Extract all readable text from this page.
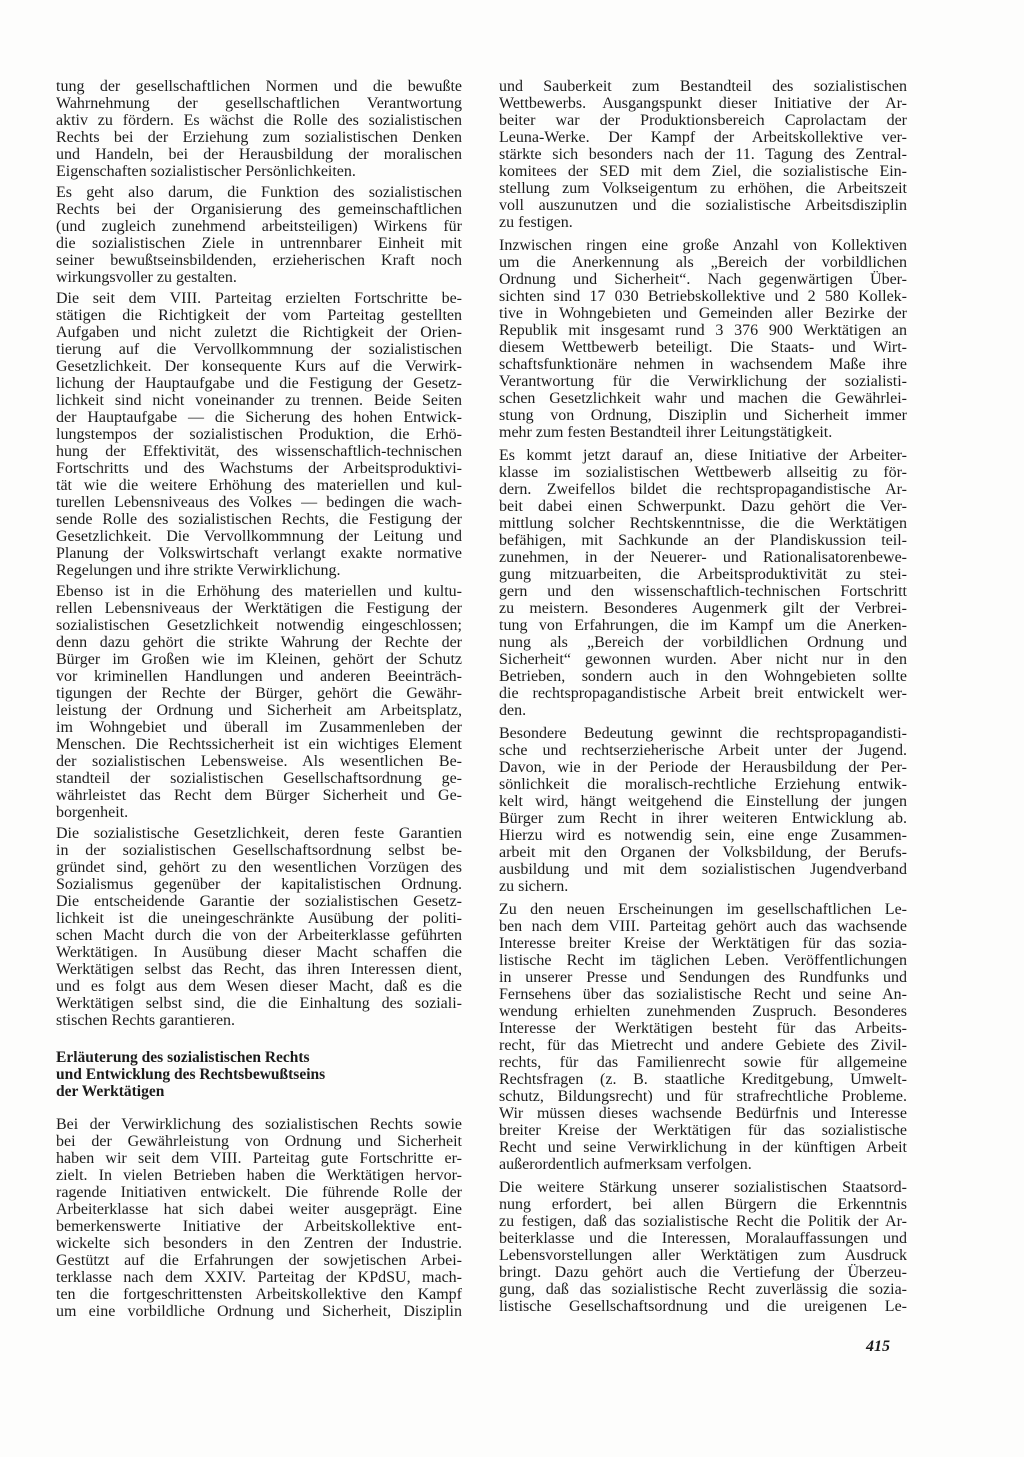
tung der gesellschaftlichen Normen und die bewußte
Wahrnehmung der gesellschaftlichen Verantwortung
aktiv zu fördern. Es wächst die Rolle des sozialistischen
Rechts bei der Erziehung zum sozialistischen Denken
und Handeln, bei der Herausbildung der moralischen
Eigenschaften sozialistischer Persönlichkeiten.
Es geht also darum, die Funktion des sozialistischen
Rechts bei der Organisierung des gemeinschaftlichen
(und zugleich zunehmend arbeitsteiligen) Wirkens für
die sozialistischen Ziele in untrennbarer Einheit mit
seiner bewußtseinsbildenden, erzieherischen Kraft noch
wirkungsvoller zu gestalten.
Die seit dem VIII. Parteitag erzielten Fortschritte be-
stätigen die Richtigkeit der vom Parteitag gestellten
Aufgaben und nicht zuletzt die Richtigkeit der Orien-
tierung auf die Vervollkommnung der sozialistischen
Gesetzlichkeit. Der konsequente Kurs auf die Verwirk-
lichung der Hauptaufgabe und die Festigung der Gesetz-
lichkeit sind nicht voneinander zu trennen. Beide Seiten
der Hauptaufgabe — die Sicherung des hohen Entwick-
lungstempos der sozialistischen Produktion, die Erhö-
hung der Effektivität, des wissenschaftlich-technischen
Fortschritts und des Wachstums der Arbeitsproduktivi-
tät wie die weitere Erhöhung des materiellen und kul-
turellen Lebensniveaus des Volkes — bedingen die wach-
sende Rolle des sozialistischen Rechts, die Festigung der
Gesetzlichkeit. Die Vervollkommnung der Leitung und
Planung der Volkswirtschaft verlangt exakte normative
Regelungen und ihre strikte Verwirklichung.
Ebenso ist in die Erhöhung des materiellen und kultu-
rellen Lebensniveaus der Werktätigen die Festigung der
sozialistischen Gesetzlichkeit notwendig eingeschlossen;
denn dazu gehört die strikte Wahrung der Rechte der
Bürger im Großen wie im Kleinen, gehört der Schutz
vor kriminellen Handlungen und anderen Beeinträch-
tigungen der Rechte der Bürger, gehört die Gewähr-
leistung der Ordnung und Sicherheit am Arbeitsplatz,
im Wohngebiet und überall im Zusammenleben der
Menschen. Die Rechtssicherheit ist ein wichtiges Element
der sozialistischen Lebensweise. Als wesentlichen Be-
standteil der sozialistischen Gesellschaftsordnung ge-
währleistet das Recht dem Bürger Sicherheit und Ge-
borgenheit.
Die sozialistische Gesetzlichkeit, deren feste Garantien
in der sozialistischen Gesellschaftsordnung selbst be-
gründet sind, gehört zu den wesentlichen Vorzügen des
Sozialismus gegenüber der kapitalistischen Ordnung.
Die entscheidende Garantie der sozialistischen Gesetz-
lichkeit ist die uneingeschränkte Ausübung der politi-
schen Macht durch die von der Arbeiterklasse geführten
Werktätigen. In Ausübung dieser Macht schaffen die
Werktätigen selbst das Recht, das ihren Interessen dient,
und es folgt aus dem Wesen dieser Macht, daß es die
Werktätigen selbst sind, die die Einhaltung des soziali-
stischen Rechts garantieren.
Erläuterung des sozialistischen Rechts
und Entwicklung des Rechtsbewußtseins
der Werktätigen
Bei der Verwirklichung des sozialistischen Rechts sowie
bei der Gewährleistung von Ordnung und Sicherheit
haben wir seit dem VIII. Parteitag gute Fortschritte er-
zielt. In vielen Betrieben haben die Werktätigen hervor-
ragende Initiativen entwickelt. Die führende Rolle der
Arbeiterklasse hat sich dabei weiter ausgeprägt. Eine
bemerkenswerte Initiative der Arbeitskollektive ent-
wickelte sich besonders in den Zentren der Industrie.
Gestützt auf die Erfahrungen der sowjetischen Arbei-
terklasse nach dem XXIV. Parteitag der KPdSU, mach-
ten die fortgeschrittensten Arbeitskollektive den Kampf
um eine vorbildliche Ordnung und Sicherheit, Disziplin
und Sauberkeit zum Bestandteil des sozialistischen
Wettbewerbs. Ausgangspunkt dieser Initiative der Ar-
beiter war der Produktionsbereich Caprolactam der
Leuna-Werke. Der Kampf der Arbeitskollektive ver-
stärkte sich besonders nach der 11. Tagung des Zentral-
komitees der SED mit dem Ziel, die sozialistische Ein-
stellung zum Volkseigentum zu erhöhen, die Arbeitszeit
voll auszunutzen und die sozialistische Arbeitsdisziplin
zu festigen.
Inzwischen ringen eine große Anzahl von Kollektiven
um die Anerkennung als „Bereich der vorbildlichen
Ordnung und Sicherheit“. Nach gegenwärtigen Über-
sichten sind 17 030 Betriebskollektive und 2 580 Kollek-
tive in Wohngebieten und Gemeinden aller Bezirke der
Republik mit insgesamt rund 3 376 900 Werktätigen an
diesem Wettbewerb beteiligt. Die Staats- und Wirt-
schaftsfunktionäre nehmen in wachsendem Maße ihre
Verantwortung für die Verwirklichung der sozialisti-
schen Gesetzlichkeit wahr und machen die Gewährlei-
stung von Ordnung, Disziplin und Sicherheit immer
mehr zum festen Bestandteil ihrer Leitungstätigkeit.
Es kommt jetzt darauf an, diese Initiative der Arbeiter-
klasse im sozialistischen Wettbewerb allseitig zu för-
dern. Zweifellos bildet die rechtspropagandistische Ar-
beit dabei einen Schwerpunkt. Dazu gehört die Ver-
mittlung solcher Rechtskenntnisse, die die Werktätigen
befähigen, mit Sachkunde an der Plandiskussion teil-
zunehmen, in der Neuerer- und Rationalisatorenbewe-
gung mitzuarbeiten, die Arbeitsproduktivität zu stei-
gern und den wissenschaftlich-technischen Fortschritt
zu meistern. Besonderes Augenmerk gilt der Verbrei-
tung von Erfahrungen, die im Kampf um die Anerken-
nung als „Bereich der vorbildlichen Ordnung und
Sicherheit“ gewonnen wurden. Aber nicht nur in den
Betrieben, sondern auch in den Wohngebieten sollte
die rechtspropagandistische Arbeit breit entwickelt wer-
den.
Besondere Bedeutung gewinnt die rechtspropagandisti-
sche und rechtserzieherische Arbeit unter der Jugend.
Davon, wie in der Periode der Herausbildung der Per-
sönlichkeit die moralisch-rechtliche Erziehung entwik-
kelt wird, hängt weitgehend die Einstellung der jungen
Bürger zum Recht in ihrer weiteren Entwicklung ab.
Hierzu wird es notwendig sein, eine enge Zusammen-
arbeit mit den Organen der Volksbildung, der Berufs-
ausbildung und mit dem sozialistischen Jugendverband
zu sichern.
Zu den neuen Erscheinungen im gesellschaftlichen Le-
ben nach dem VIII. Parteitag gehört auch das wachsende
Interesse breiter Kreise der Werktätigen für das sozia-
listische Recht im täglichen Leben. Veröffentlichungen
in unserer Presse und Sendungen des Rundfunks und
Fernsehens über das sozialistische Recht und seine An-
wendung erhielten zunehmenden Zuspruch. Besonderes
Interesse der Werktätigen besteht für das Arbeits-
recht, für das Mietrecht und andere Gebiete des Zivil-
rechts, für das Familienrecht sowie für allgemeine
Rechtsfragen (z. B. staatliche Kreditgebung, Umwelt-
schutz, Bildungsrecht) und für strafrechtliche Probleme.
Wir müssen dieses wachsende Bedürfnis und Interesse
breiter Kreise der Werktätigen für das sozialistische
Recht und seine Verwirklichung in der künftigen Arbeit
außerordentlich aufmerksam verfolgen.
Die weitere Stärkung unserer sozialistischen Staatsord-
nung erfordert, bei allen Bürgern die Erkenntnis
zu festigen, daß das sozialistische Recht die Politik der Ar-
beiterklasse und die Interessen, Moralauffassungen und
Lebensvorstellungen aller Werktätigen zum Ausdruck
bringt. Dazu gehört auch die Vertiefung der Überzeu-
gung, daß das sozialistische Recht zuverlässig die sozia-
listische Gesellschaftsordnung und die ureigenen Le-
415
